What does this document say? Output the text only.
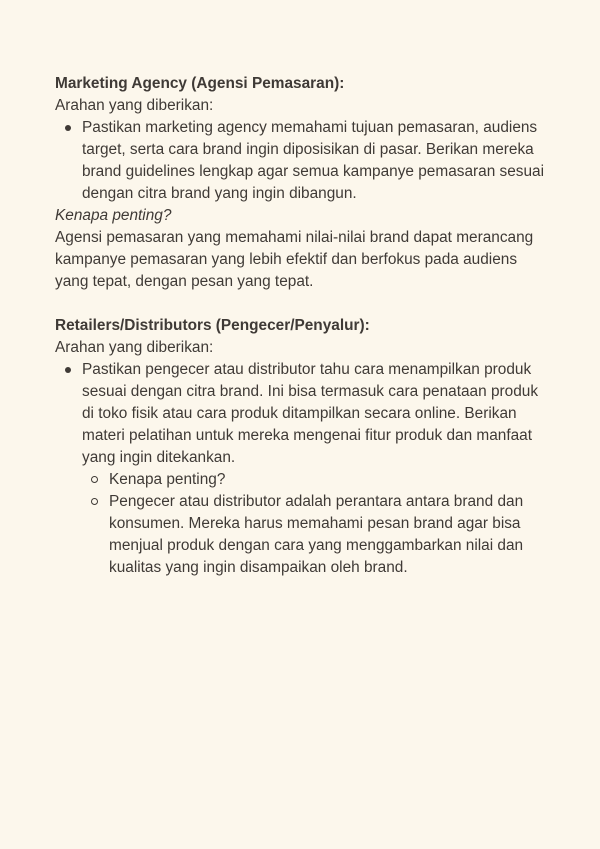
Marketing Agency (Agensi Pemasaran):

Arahan yang diberikan:

Pastikan marketing agency memahami tujuan pemasaran, audiens target, serta cara brand ingin diposisikan di pasar. Berikan mereka brand guidelines lengkap agar semua kampanye pemasaran sesuai dengan citra brand yang ingin dibangun.

Kenapa penting?

Agensi pemasaran yang memahami nilai-nilai brand dapat merancang kampanye pemasaran yang lebih efektif dan berfokus pada audiens yang tepat, dengan pesan yang tepat.

Retailers/Distributors (Pengecer/Penyalur):

Arahan yang diberikan:

Pastikan pengecer atau distributor tahu cara menampilkan produk sesuai dengan citra brand. Ini bisa termasuk cara penataan produk di toko fisik atau cara produk ditampilkan secara online. Berikan materi pelatihan untuk mereka mengenai fitur produk dan manfaat yang ingin ditekankan.
Kenapa penting?
Pengecer atau distributor adalah perantara antara brand dan konsumen. Mereka harus memahami pesan brand agar bisa menjual produk dengan cara yang menggambarkan nilai dan kualitas yang ingin disampaikan oleh brand.
